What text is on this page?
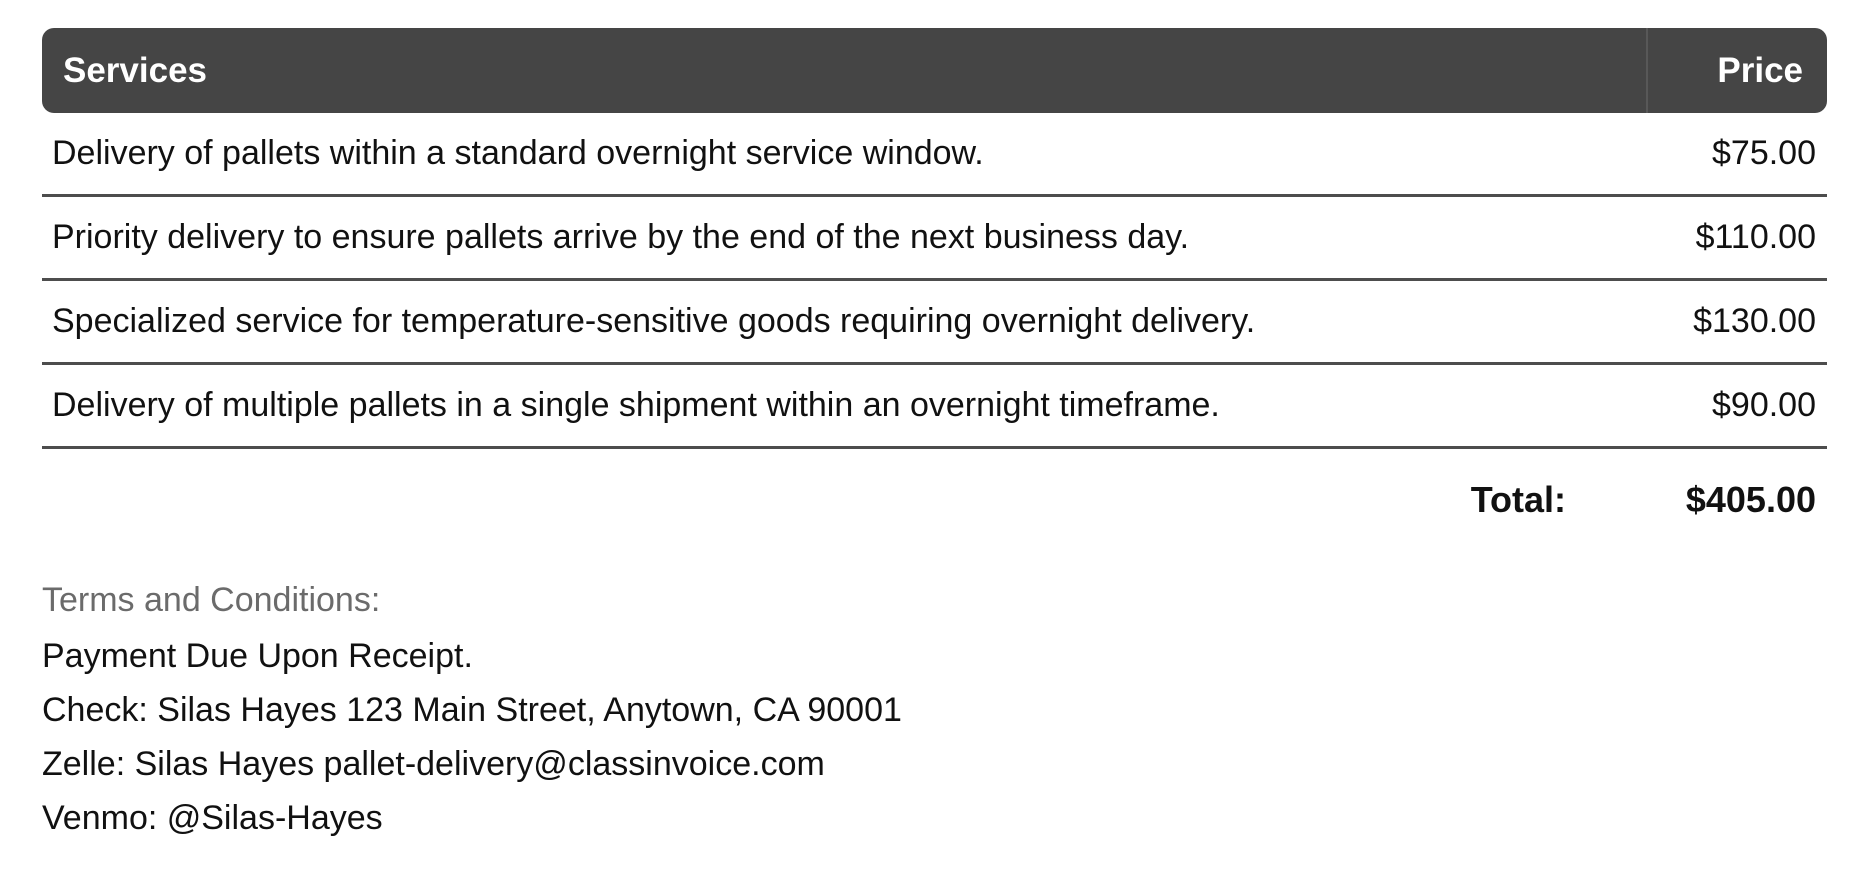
Services	Price
Delivery of pallets within a standard overnight service window.	$75.00
Priority delivery to ensure pallets arrive by the end of the next business day.	$110.00
Specialized service for temperature-sensitive goods requiring overnight delivery.	$130.00
Delivery of multiple pallets in a single shipment within an overnight timeframe.	$90.00
Total:	$405.00
Terms and Conditions:
Payment Due Upon Receipt.
Check: Silas Hayes 123 Main Street, Anytown, CA 90001
Zelle: Silas Hayes pallet-delivery@classinvoice.com
Venmo: @Silas-Hayes
